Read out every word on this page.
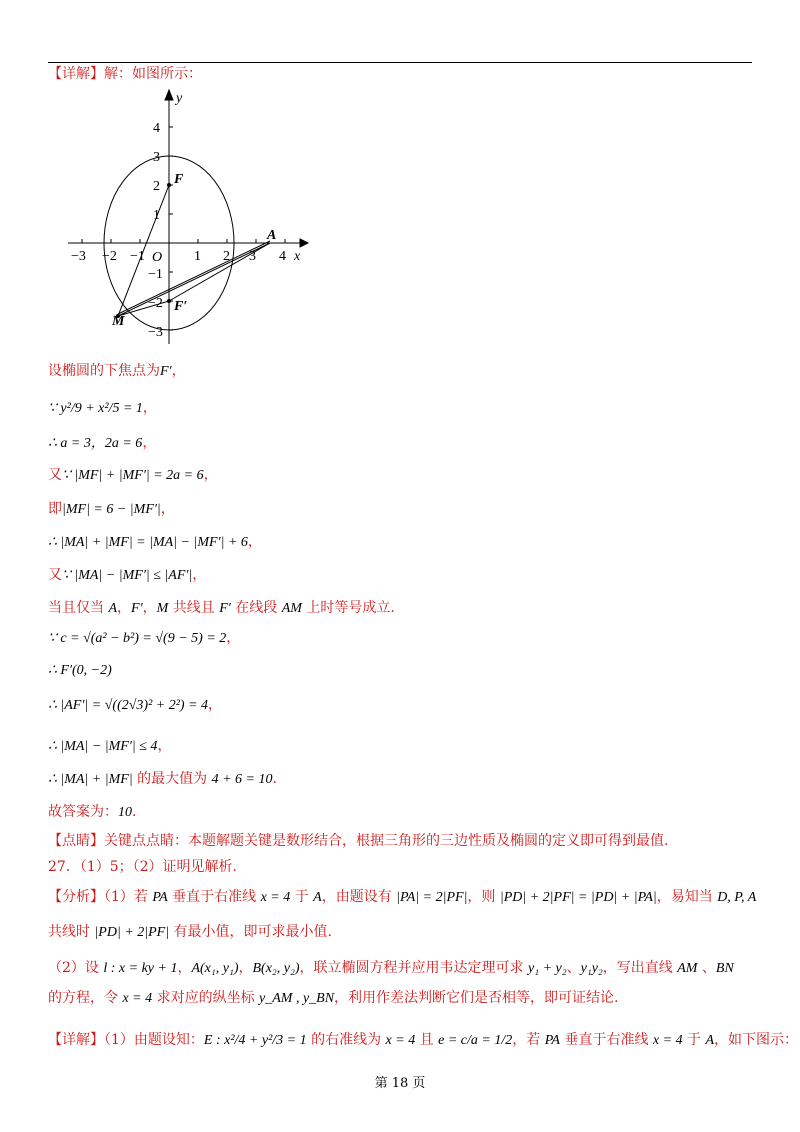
−3 −2 −1	1 2 3 4
4
3
2
1
−1
−2
−3
O	x
y
F
F′
A
M
【详解】解：如图所示：
设椭圆的下焦点为F′，
∵ y²/9 + x²/5 = 1，
∴ a = 3，2a = 6，
又∵ |MF| + |MF′| = 2a = 6，
即|MF| = 6 − |MF′|，
∴ |MA| + |MF| = |MA| − |MF′| + 6，
又∵ |MA| − |MF′| ≤ |AF′|，
当且仅当 A，F′，M 共线且 F′ 在线段 AM 上时等号成立.
∵ c = √(a² − b²) = √(9 − 5) = 2，
∴ F′(0, −2)
∴ |AF′| = √((2√3)² + 2²) = 4，
∴ |MA| − |MF′| ≤ 4，
∴ |MA| + |MF| 的最大值为 4 + 6 = 10.
故答案为：10.
【点睛】关键点点睛：本题解题关键是数形结合，根据三角形的三边性质及椭圆的定义即可得到最值.
27．（1）5；（2）证明见解析.
【分析】（1）若 PA 垂直于右准线 x = 4 于 A，由题设有 |PA| = 2|PF|，则 |PD| + 2|PF| = |PD| + |PA|，易知当 D, P, A
共线时 |PD| + 2|PF| 有最小值，即可求最小值.
（2）设 l : x = ky + 1，A(x₁, y₁)，B(x₂, y₂)，联立椭圆方程并应用韦达定理可求 y₁ + y₂、y₁y₂，写出直线 AM 、BN
的方程，令 x = 4 求对应的纵坐标 y_AM , y_BN，利用作差法判断它们是否相等，即可证结论.
【详解】（1）由题设知：E : x²/4 + y²/3 = 1 的右准线为 x = 4 且 e = c/a = 1/2，若 PA 垂直于右准线 x = 4 于 A，如下图示：
第 18 页
